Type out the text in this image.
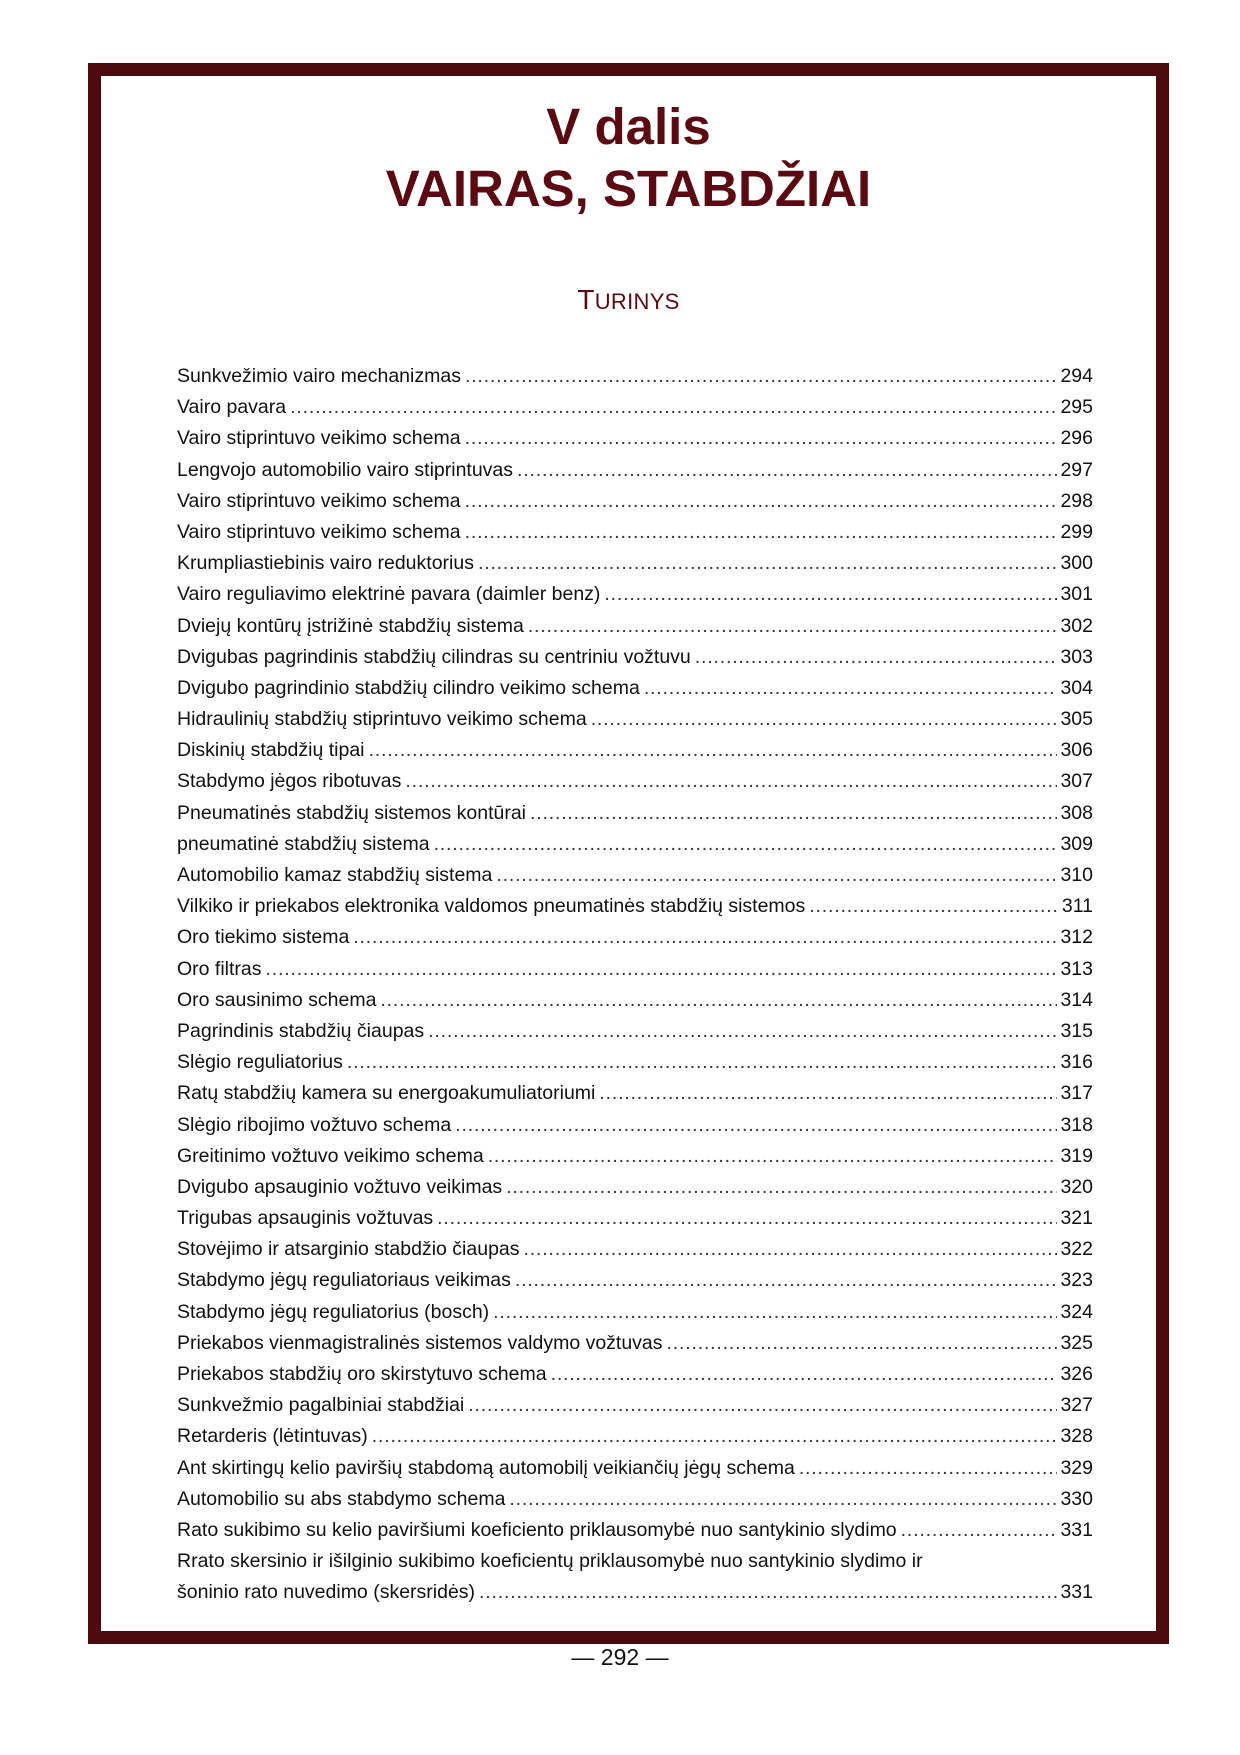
V dalis
VAIRAS, STABDŽIAI
TURINYS
Sunkvežimio vairo mechanizmas . . .	294
Vairo pavara . . .	295
Vairo stiprintuvo veikimo schema . . .	296
Lengvojo automobilio vairo stiprintuvas . . .	297
Vairo stiprintuvo veikimo schema . . .	298
Vairo stiprintuvo veikimo schema . . .	299
Krumpliastiebinis vairo reduktorius . . .	300
Vairo reguliavimo elektrinė pavara (daimler benz) . . .	301
Dviejų kontūrų įstrižinė stabdžių sistema . . .	302
Dvigubas pagrindinis stabdžių cilindras su centriniu vožtuvu . . .	303
Dvigubo pagrindinio stabdžių cilindro veikimo schema . . .	304
Hidraulinių stabdžių stiprintuvo veikimo schema . . .	305
Diskinių stabdžių tipai . . .	306
Stabdymo jėgos ribotuvas . . .	307
Pneumatinės stabdžių sistemos kontūrai . . .	308
pneumatinė stabdžių sistema . . .	309
Automobilio kamaz stabdžių sistema . . .	310
Vilkiko ir priekabos elektronika valdomos pneumatinės stabdžių sistemos . . .	311
Oro tiekimo sistema . . .	312
Oro filtras . . .	313
Oro sausinimo schema . . .	314
Pagrindinis stabdžių čiaupas . . .	315
Slėgio reguliatorius . . .	316
Ratų stabdžių kamera su energoakumuliatoriumi . . .	317
Slėgio ribojimo vožtuvo schema . . .	318
Greitinimo vožtuvo veikimo schema . . .	319
Dvigubo apsauginio vožtuvo veikimas . . .	320
Trigubas apsauginis vožtuvas . . .	321
Stovėjimo ir atsarginio stabdžio čiaupas . . .	322
Stabdymo jėgų reguliatoriaus veikimas . . .	323
Stabdymo jėgų reguliatorius (bosch) . . .	324
Priekabos vienmagistralinės sistemos valdymo vožtuvas . . .	325
Priekabos stabdžių oro skirstytuvo schema . . .	326
Sunkvežmio pagalbiniai stabdžiai . . .	327
Retarderis (lėtintuvas) . . .	328
Ant skirtingų kelio paviršių stabdomą automobilį veikiančių jėgų schema . . .	329
Automobilio su abs stabdymo schema . . .	330
Rato sukibimo su kelio paviršiumi koeficiento priklausomybė nuo santykinio slydimo . . .	331
Rrato skersinio ir išilginio sukibimo koeficientų priklausomybė nuo santykinio slydimo ir
šoninio rato nuvedimo (skersridės) . . .	331
— 292 —
